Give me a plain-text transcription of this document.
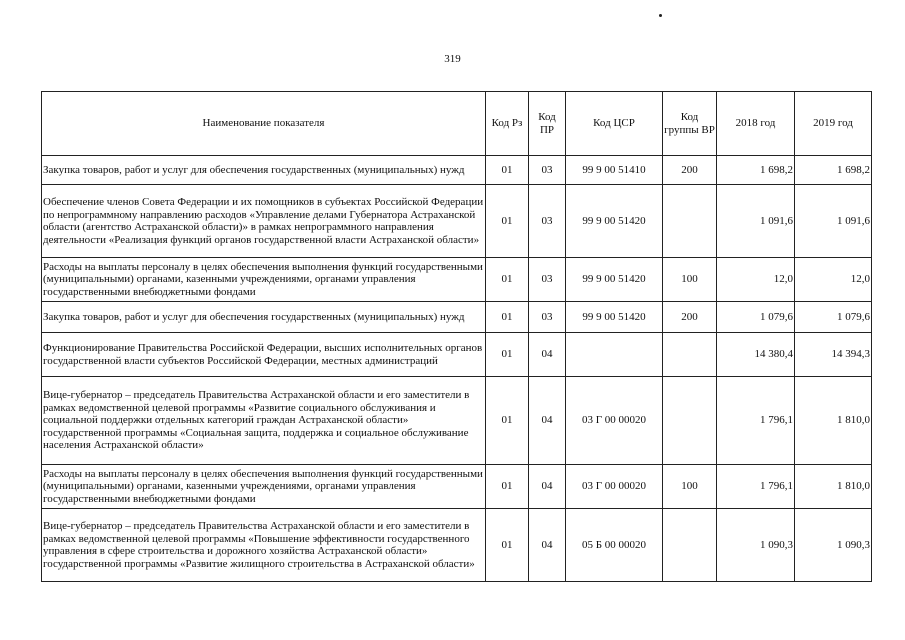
319
Наименование показателя	Код Рз	Код ПР	Код ЦСР	Код группы ВР	2018 год	2019 год
Закупка товаров, работ и услуг для обеспечения государственных (муниципальных) нужд	01	03	99 9 00 51410	200	1 698,2	1 698,2
Обеспечение членов Совета Федерации и их помощников в субъектах Российской Федерации по непрограммному направлению расходов «Управление делами Губернатора Астраханской области (агентство Астраханской области)» в рамках непрограммного направления деятельности «Реализация функций органов государственной власти Астраханской области»	01	03	99 9 00 51420		1 091,6	1 091,6
Расходы на выплаты персоналу в целях обеспечения выполнения функций государственными (муниципальными) органами, казенными учреждениями, органами управления государственными внебюджетными фондами	01	03	99 9 00 51420	100	12,0	12,0
Закупка товаров, работ и услуг для обеспечения государственных (муниципальных) нужд	01	03	99 9 00 51420	200	1 079,6	1 079,6
Функционирование Правительства Российской Федерации, высших исполнительных органов государственной власти субъектов Российской Федерации, местных администраций	01	04			14 380,4	14 394,3
Вице-губернатор – председатель Правительства Астраханской области и его заместители в рамках ведомственной целевой программы «Развитие социального обслуживания и социальной поддержки отдельных категорий граждан Астраханской области» государственной программы «Социальная защита, поддержка и социальное обслуживание населения Астраханской области»	01	04	03 Г 00 00020		1 796,1	1 810,0
Расходы на выплаты персоналу в целях обеспечения выполнения функций государственными (муниципальными) органами, казенными учреждениями, органами управления государственными внебюджетными фондами	01	04	03 Г 00 00020	100	1 796,1	1 810,0
Вице-губернатор – председатель Правительства Астраханской области и его заместители в рамках ведомственной целевой программы «Повышение эффективности государственного управления в сфере строительства и дорожного хозяйства Астраханской области» государственной программы «Развитие жилищного строительства в Астраханской области»	01	04	05 Б 00 00020		1 090,3	1 090,3
